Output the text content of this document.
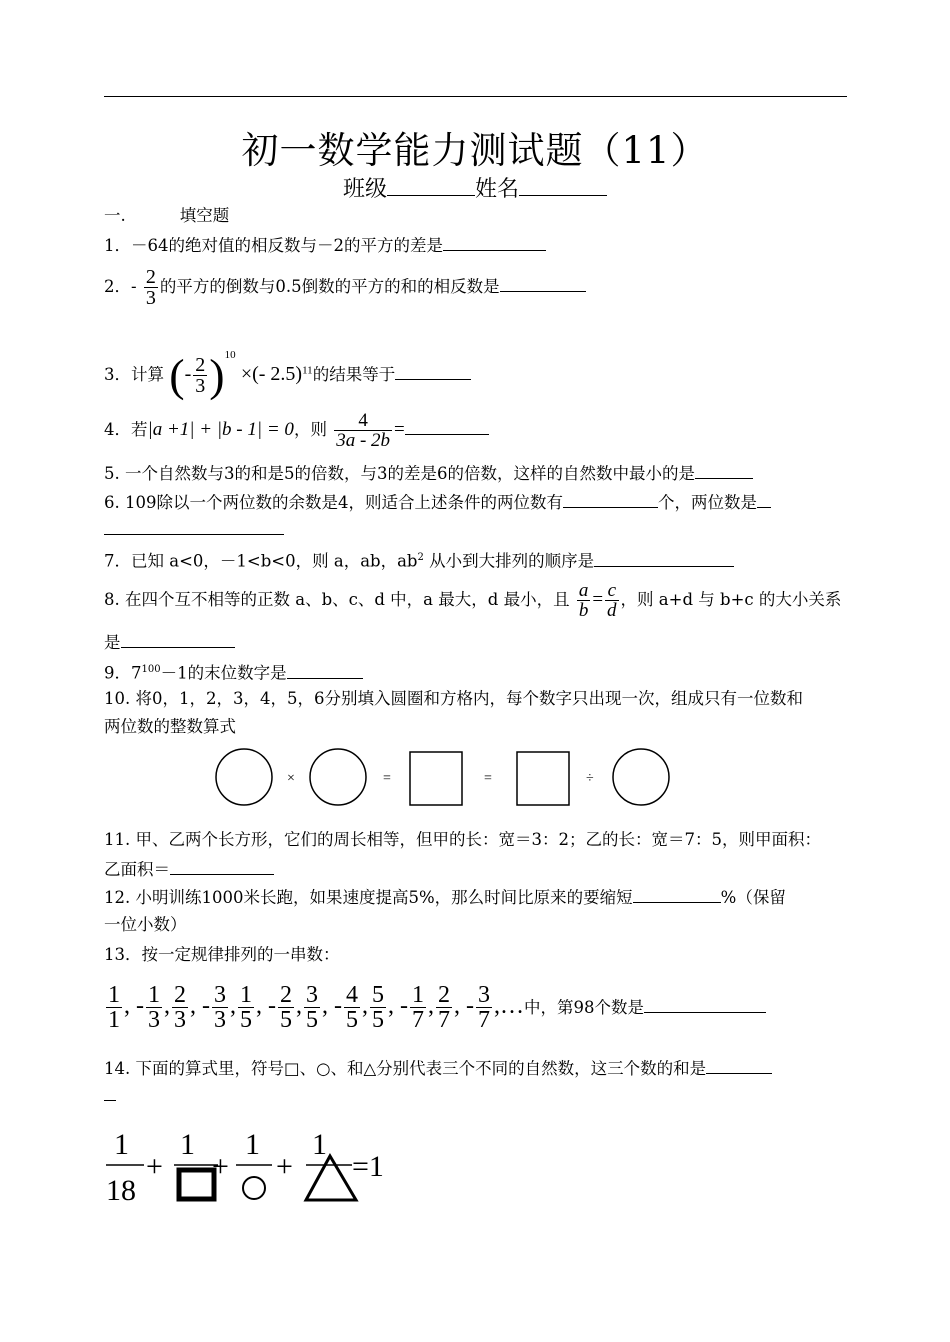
初一数学能力测试题（11）
班级	姓名
一.	填空题
1．－64的绝对值的相反数与－2的平方的差是
2．- $\frac{2}{3}$ 的平方的倒数与0.5倒数的平方的和的相反数是
3．计算 (- $\frac{2}{3} )^{10}$ ×(- 2.5)$^{11}$的结果等于
4．若|a +1| + |b - 1| = 0，则 $\frac{4}{3a - 2b}$ =
5. 一个自然数与3的和是5的倍数，与3的差是6的倍数，这样的自然数中最小的是
6. 109除以一个两位数的余数是4，则适合上述条件的两位数有	个，两位数是
7．已知 a<0，－1<b<0，则 a，ab，$ab^2$ 从小到大排列的顺序是
8. 在四个互不相等的正数 a、b、c、d 中，a 最大，d 最小，且 $\frac{a}{b} = \frac{c}{d}$ ，则 a+d 与 b+c 的大小关系
是
9．$7^{100}-1$的末位数字是
10. 将0，1，2，3，4，5，6分别填入圆圈和方格内，每个数字只出现一次，组成只有一位数和
两位数的整数算式
×	=	=	÷
11. 甲、乙两个长方形，它们的周长相等，但甲的长：宽＝3：2；乙的长：宽＝7：5，则甲面积：
乙面积＝
12. 小明训练1000米长跑，如果速度提高5%，那么时间比原来的要缩短	%（保留
一位小数）
13．按一定规律排列的一串数：
$\frac{1}{1}$ , - $\frac{1}{3}$ , $\frac{2}{3}$ , - $\frac{3}{3}$ , $\frac{1}{5}$ , - $\frac{2}{5}$ , $\frac{3}{5}$ , - $\frac{4}{5}$ , $\frac{5}{5}$ , - $\frac{1}{7}$ , $\frac{2}{7}$ , - $\frac{3}{7}$ ,…中，第98个数是
14. 下面的算式里，符号□、○、和△分别代表三个不同的自然数，这三个数的和是
1
18
+
1
+
1
+
1
=1
